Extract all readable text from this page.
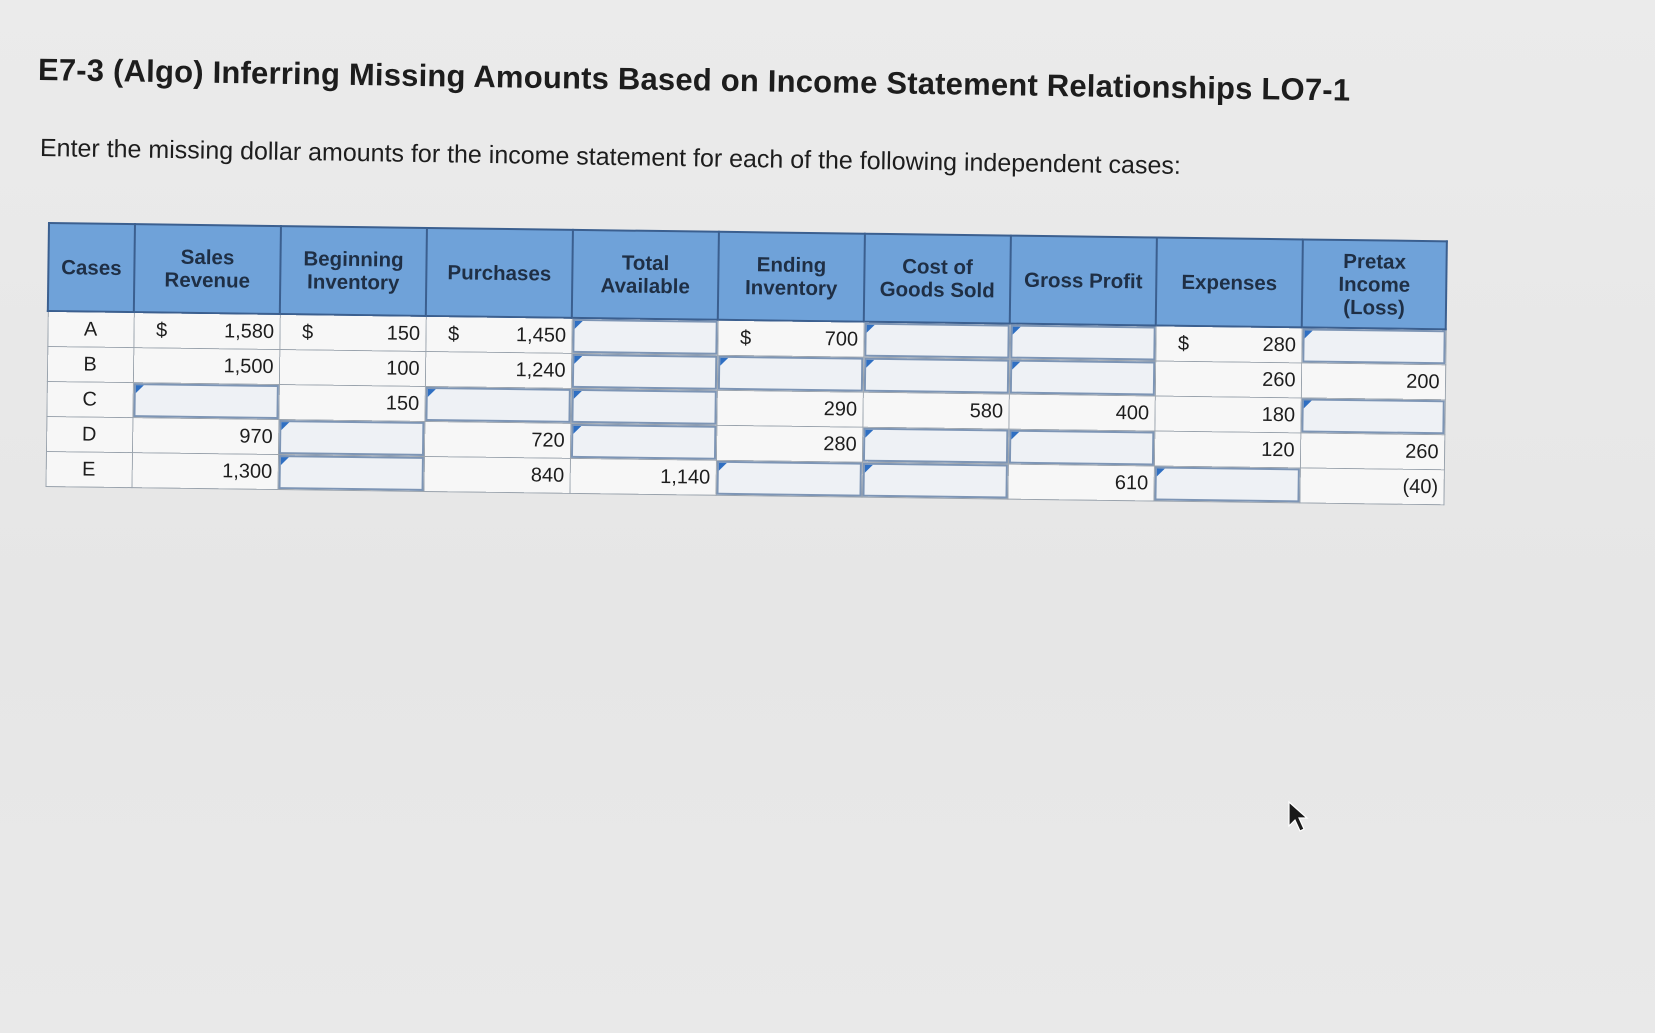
E7-3 (Algo) Inferring Missing Amounts Based on Income Statement Relationships LO7-1
Enter the missing dollar amounts for the income statement for each of the following independent cases:
Cases	Sales Revenue	Beginning Inventory	Purchases	Total Available	Ending Inventory	Cost of Goods Sold	Gross Profit	Expenses	Pretax Income (Loss)
A	$ 1,580	$ 150	$ 1,450		$ 700			$ 280	
B	1,500	100	1,240					260	200
C		150			290	580	400	180	
D	970		720		280			120	260
E	1,300		840	1,140			610		(40)
